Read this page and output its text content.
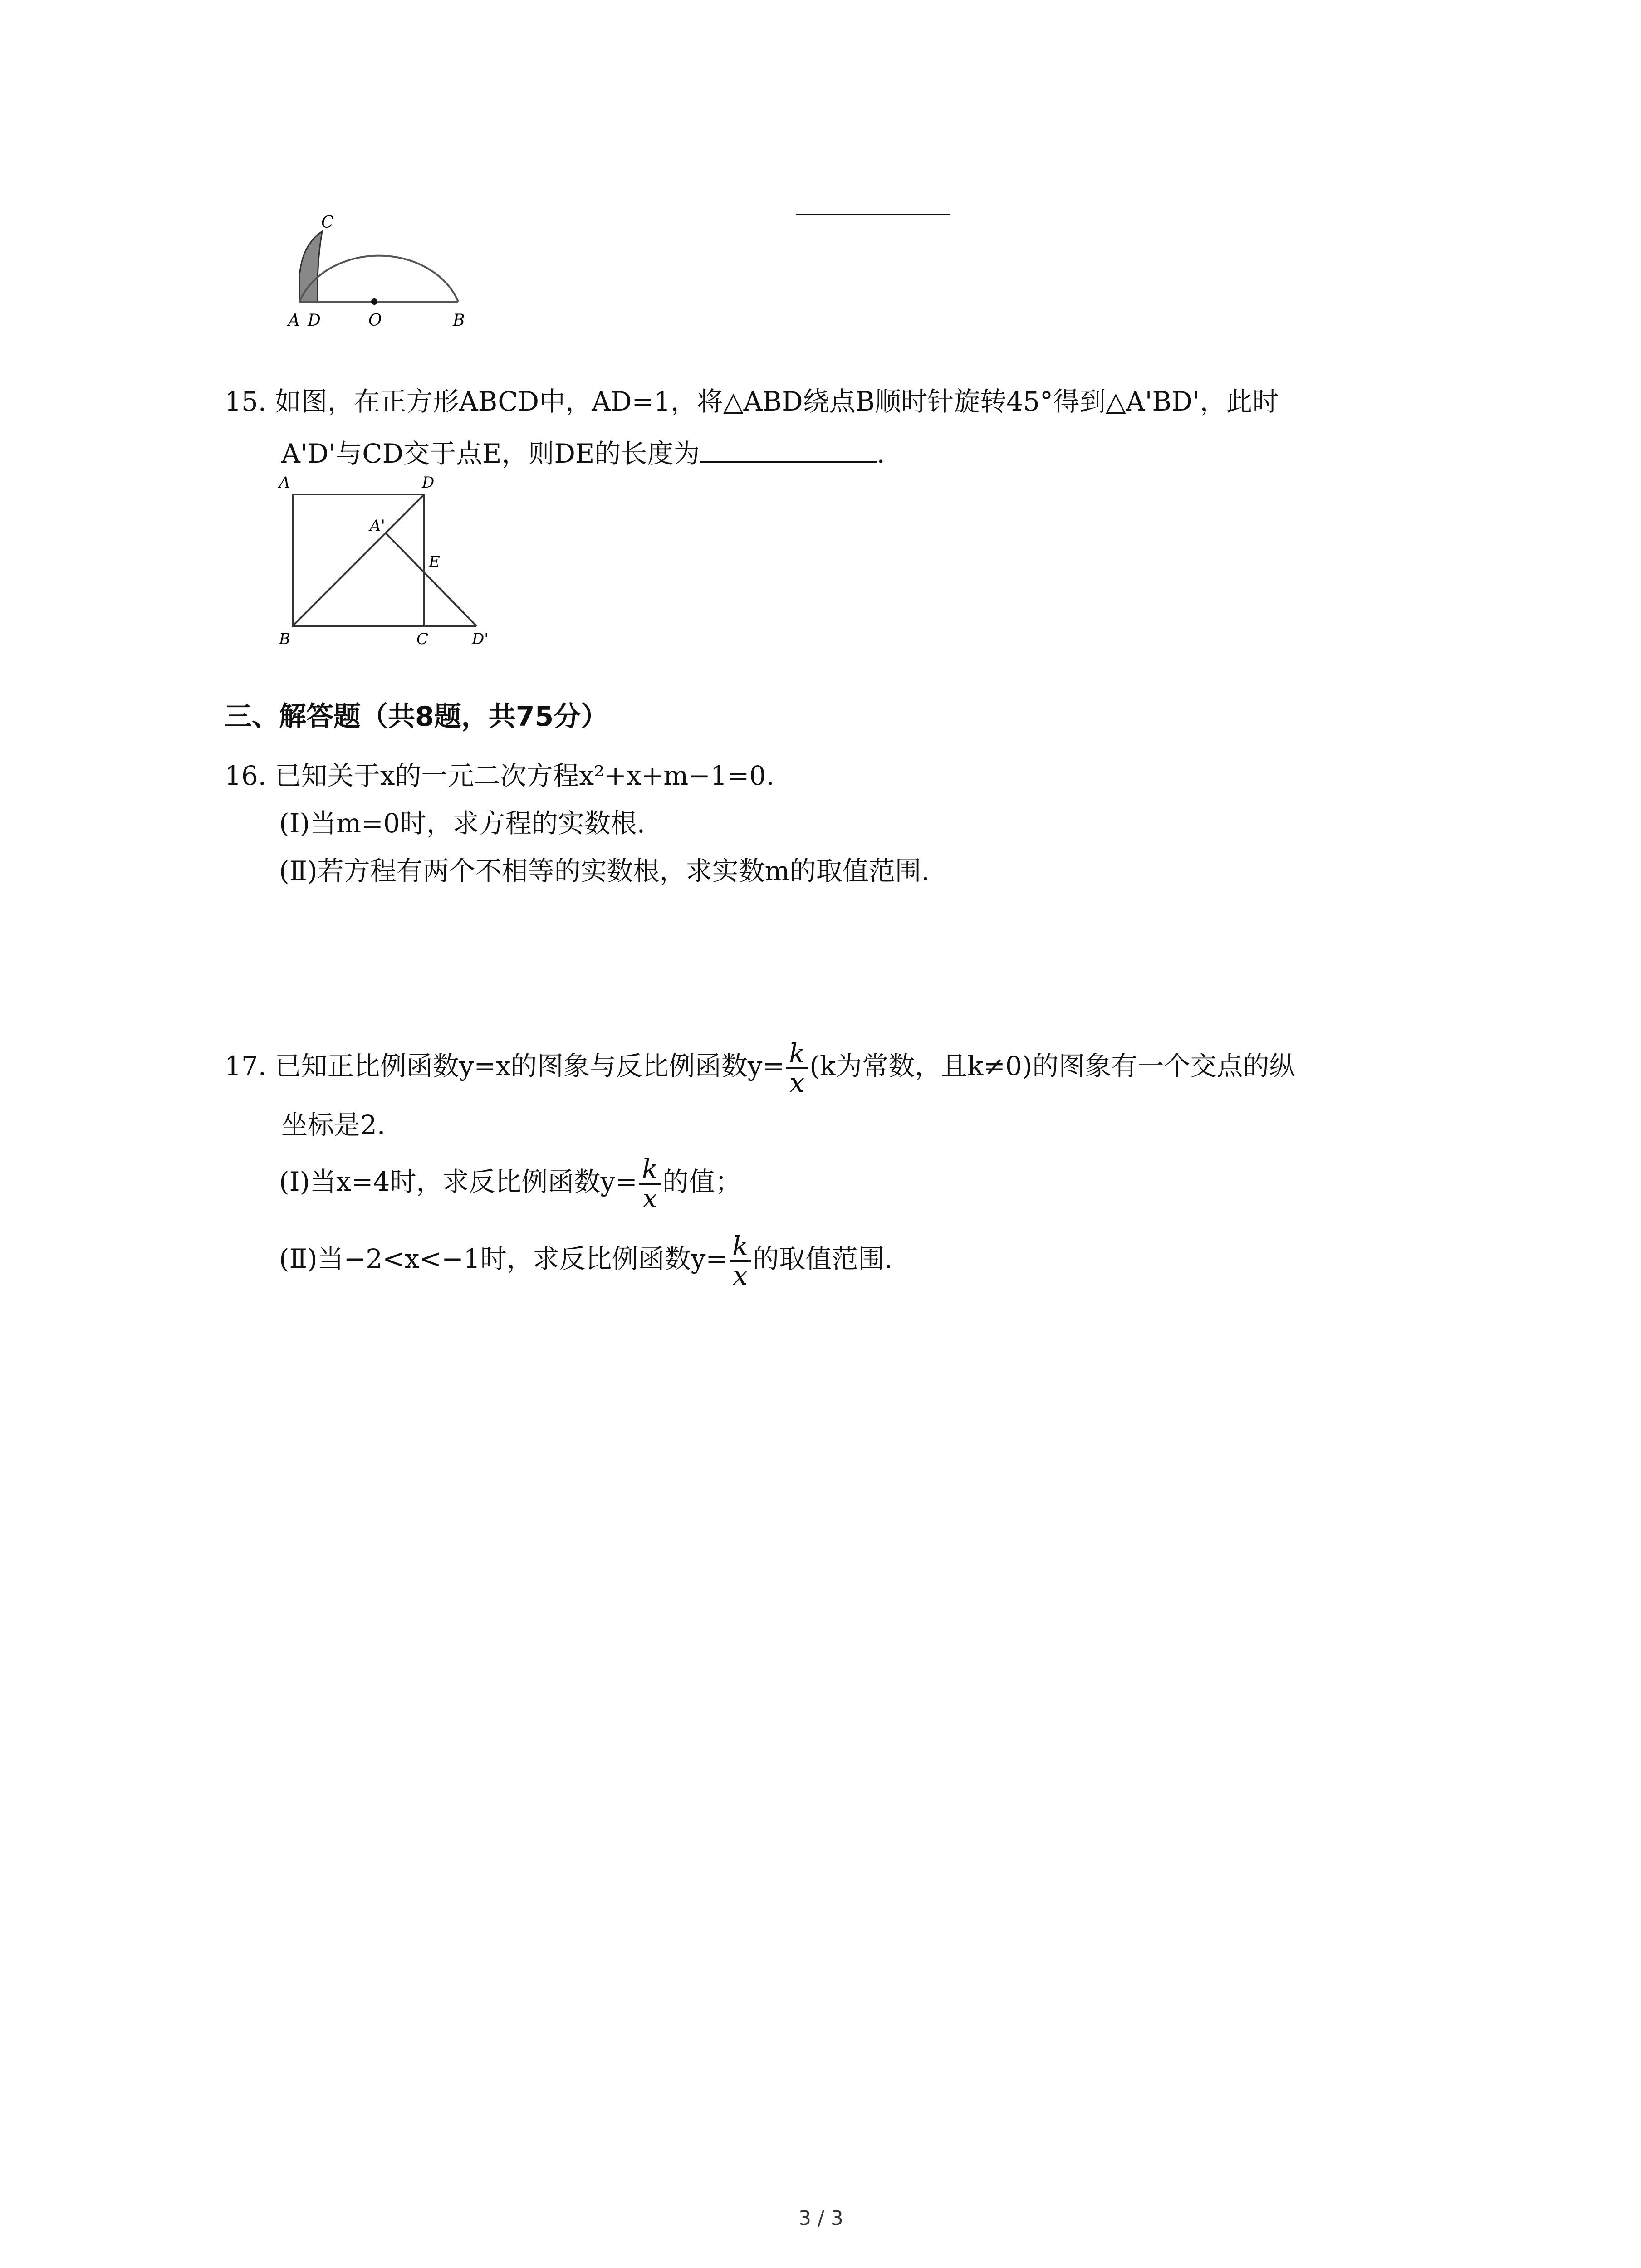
C
A D	O	B
15. 如图，在正方形ABCD中，AD=1，将△ABD绕点B顺时针旋转45°得到△A'BD'，此时
A'D'与CD交于点E，则DE的长度为	.
A	D
A'
E
B	C	D'
三、解答题（共8题，共75分）
16. 已知关于x的一元二次方程x²+x+m−1=0.
(I)当m=0时，求方程的实数根.
(Ⅱ)若方程有两个不相等的实数根，求实数m的取值范围.
17. 已知正比例函数y=x的图象与反比例函数$y= \frac{k}{x} (k$为常数，且k≠0)的图象有一个交点的纵
坐标是2.
(Ⅰ)当x=4时，求反比例函数$y= \frac{k}{x}$ 的值；
(Ⅱ)当−2<x<−1时，求反比例函数$y= \frac{k}{x}$ 的取值范围.
3 / 3
